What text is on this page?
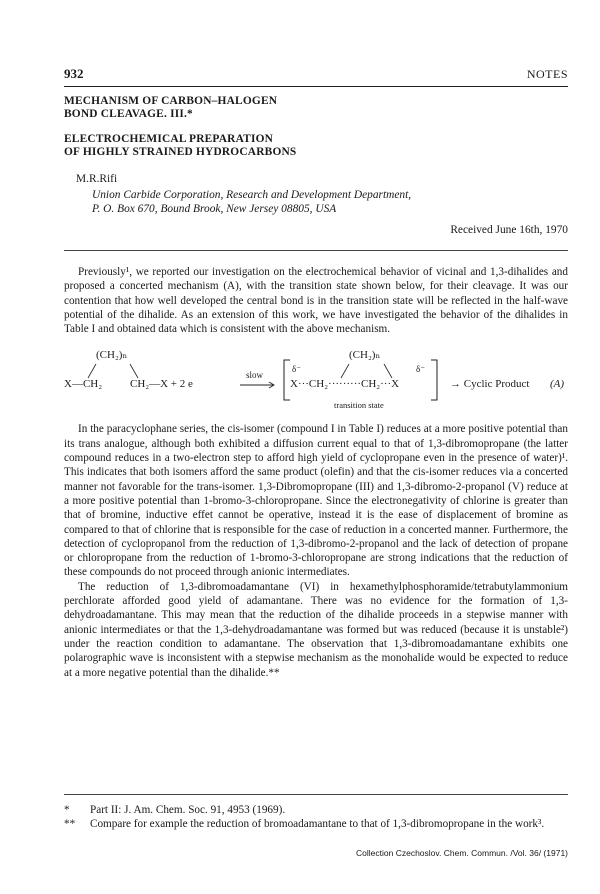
932	NOTES
MECHANISM OF CARBON–HALOGEN
BOND CLEAVAGE. III.*
ELECTROCHEMICAL PREPARATION
OF HIGHLY STRAINED HYDROCARBONS
M.R.Rifi
Union Carbide Corporation, Research and Development Department,
P. O. Box 670, Bound Brook, New Jersey 08805, USA
Received June 16th, 1970

Previously¹, we reported our investigation on the electrochemical behavior of vicinal and 1,3-dihalides and proposed a concerted mechanism (A), with the transition state shown below, for their cleavage. It was our contention that how well developed the central bond is in the transition state will be reflected in the half-wave potential of the dihalide. As an extension of this work, we have investigated the behavior of the dihalides in Table I and obtained data which is consistent with the above mechanism.

(CH₂)ₙ
X—CH₂	CH₂—X + 2 e
slow
(CH₂)ₙ
δ⁻	δ⁻
X···CH₂·········CH₂···X
transition state
→ Cyclic Product (A)

In the paracyclophane series, the cis-isomer (compound I in Table I) reduces at a more positive potential than its trans analogue, although both exhibited a diffusion current equal to that of 1,3-dibromopropane (the latter compound reduces in a two-electron step to afford high yield of cyclopropane even in the presence of water)¹. This indicates that both isomers afford the same product (olefin) and that the cis-isomer reduces via a concerted manner not favorable for the trans-isomer. 1,3-Dibromopropane (III) and 1,3-dibromo-2-propanol (V) reduce at a more positive potential than 1-bromo-3-chloropropane. Since the electronegativity of chlorine is greater than that of bromine, inductive effet cannot be operative, instead it is the ease of displacement of bromine as compared to that of chlorine that is responsible for the case of reduction in a concerted manner. Furthermore, the detection of cyclopropanol from the reduction of 1,3-dibromo-2-propanol and the lack of detection of propane or chloropropane from the reduction of 1-bromo-3-chloropropane are strong indications that the reduction of these compounds do not proceed through anionic intermediates.

The reduction of 1,3-dibromoadamantane (VI) in hexamethylphosphoramide/tetrabutylammonium perchlorate afforded good yield of adamantane. There was no evidence for the formation of 1,3-dehydroadamantane. This may mean that the reduction of the dihalide proceeds in a stepwise manner with anionic intermediates or that the 1,3-dehydroadamantane was formed but was reduced (because it is unstable²) under the reaction condition to adamantane. The observation that 1,3-dibromoadamantane exhibits one polarographic wave is inconsistent with a stepwise mechanism as the monohalide would be expected to reduce at a more negative potential than the dihalide.**

* Part II: J. Am. Chem. Soc. 91, 4953 (1969).
** Compare for example the reduction of bromoadamantane to that of 1,3-dibromopropane in the work³.
Collection Czechoslov. Chem. Commun. /Vol. 36/ (1971)
